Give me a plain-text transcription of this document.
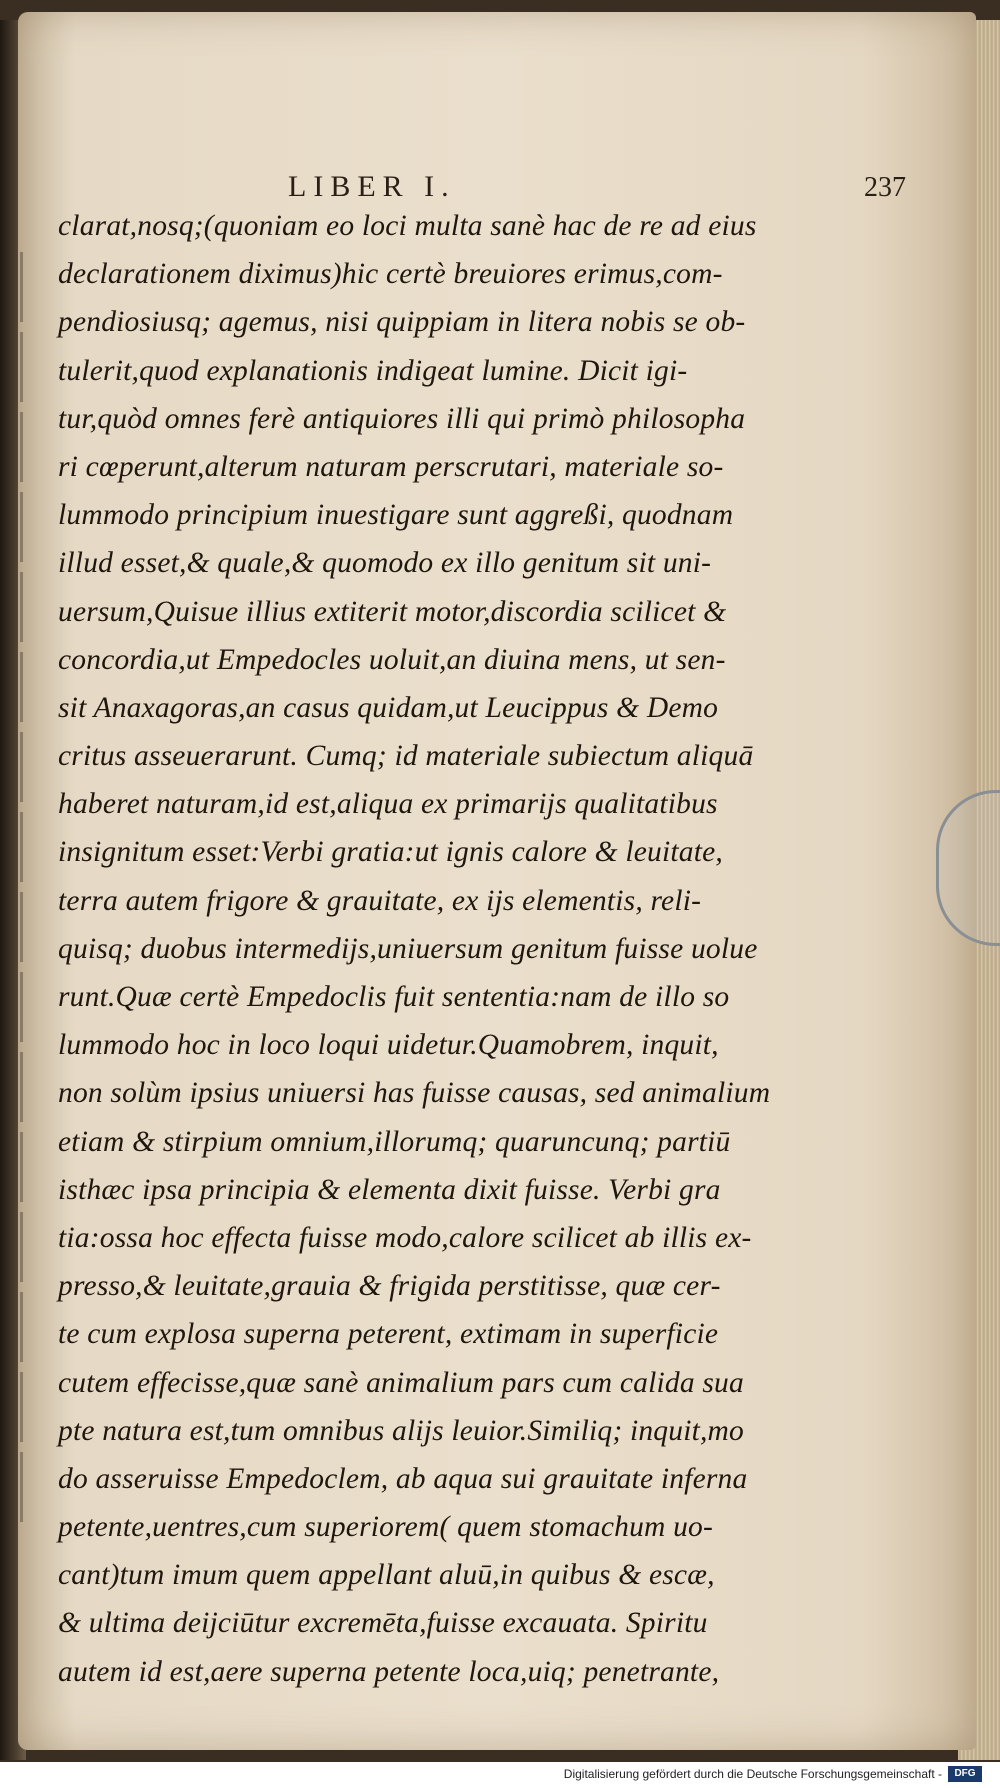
LIBER I.	237
clarat,nosq;(quoniam eo loci multa sanè hac de re ad eius
declarationem diximus)hic certè breuiores erimus,com-
pendiosiusq; agemus, nisi quippiam in litera nobis se ob-
tulerit,quod explanationis indigeat lumine. Dicit igi-
tur,quòd omnes ferè antiquiores illi qui primò philosopha
ri cœperunt,alterum naturam perscrutari, materiale so-
lummodo principium inuestigare sunt aggreßi, quodnam
illud esset,& quale,& quomodo ex illo genitum sit uni-
uersum,Quisue illius extiterit motor,discordia scilicet &
concordia,ut Empedocles uoluit,an diuina mens, ut sen-
sit Anaxagoras,an casus quidam,ut Leucippus & Demo
critus asseuerarunt. Cumq; id materiale subiectum aliquā
haberet naturam,id est,aliqua ex primarijs qualitatibus
insignitum esset:Verbi gratia:ut ignis calore & leuitate,
terra autem frigore & grauitate, ex ijs elementis, reli-
quisq; duobus intermedijs,uniuersum genitum fuisse uolue
runt.Quæ certè Empedoclis fuit sententia:nam de illo so
lummodo hoc in loco loqui uidetur.Quamobrem, inquit,
non solùm ipsius uniuersi has fuisse causas, sed animalium
etiam & stirpium omnium,illorumq; quaruncunq; partiū
isthæc ipsa principia & elementa dixit fuisse. Verbi gra
tia:ossa hoc effecta fuisse modo,calore scilicet ab illis ex-
presso,& leuitate,grauia & frigida perstitisse, quæ cer-
te cum explosa superna peterent, extimam in superficie
cutem effecisse,quæ sanè animalium pars cum calida sua
pte natura est,tum omnibus alijs leuior.Similiq; inquit,mo
do asseruisse Empedoclem, ab aqua sui grauitate inferna
petente,uentres,cum superiorem( quem stomachum uo-
cant)tum imum quem appellant aluū,in quibus & escæ,
& ultima deijciūtur excremēta,fuisse excauata. Spiritu
autem id est,aere superna petente loca,uiq; penetrante,
Digitalisierung gefördert durch die Deutsche Forschungsgemeinschaft -	DFG
